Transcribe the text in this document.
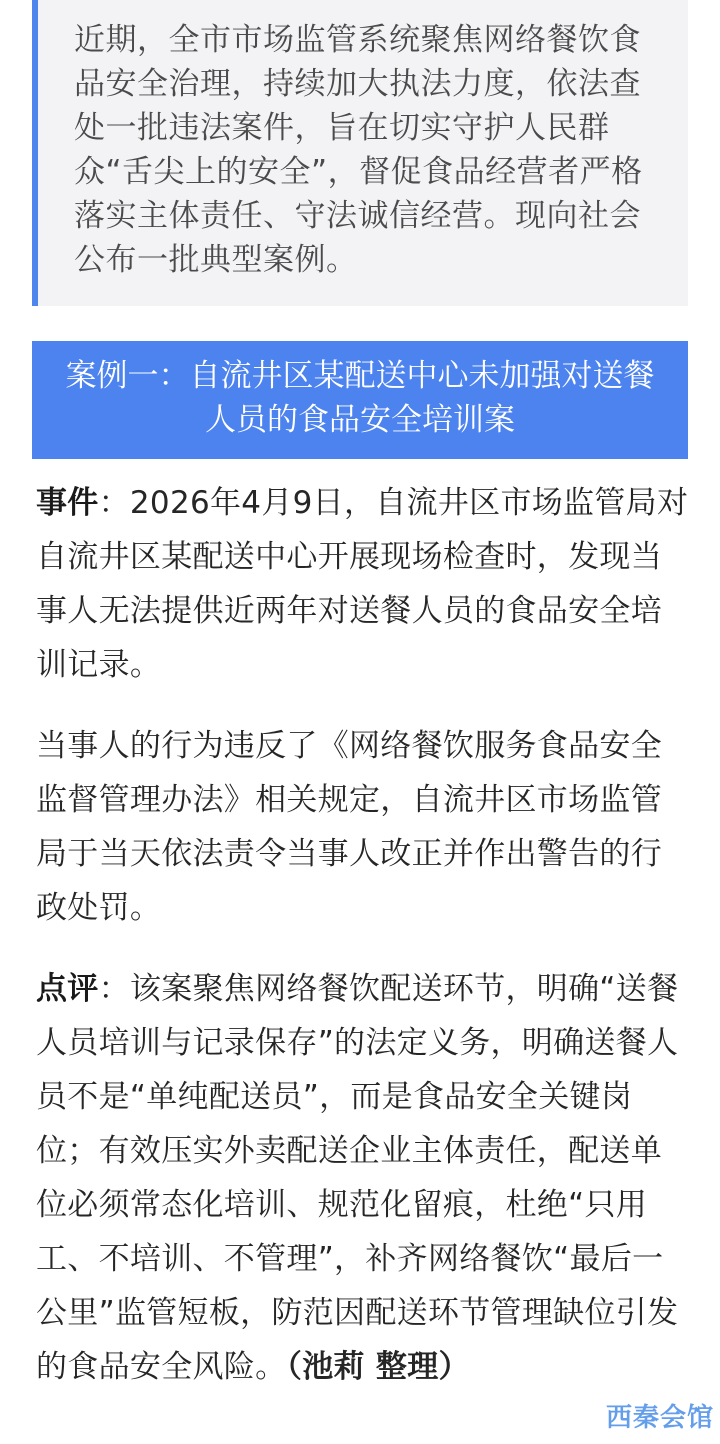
近期，全市市场监管系统聚焦网络餐饮食品安全治理，持续加大执法力度，依法查处一批违法案件，旨在切实守护人民群众“舌尖上的安全”，督促食品经营者严格落实主体责任、守法诚信经营。现向社会公布一批典型案例。

案例一：自流井区某配送中心未加强对送餐
人员的食品安全培训案

事件：2026年4月9日，自流井区市场监管局对自流井区某配送中心开展现场检查时，发现当事人无法提供近两年对送餐人员的食品安全培训记录。

当事人的行为违反了《网络餐饮服务食品安全监督管理办法》相关规定，自流井区市场监管局于当天依法责令当事人改正并作出警告的行政处罚。

点评：该案聚焦网络餐饮配送环节，明确“送餐人员培训与记录保存”的法定义务，明确送餐人员不是“单纯配送员”，而是食品安全关键岗位；有效压实外卖配送企业主体责任，配送单位必须常态化培训、规范化留痕，杜绝“只用工、不培训、不管理”，补齐网络餐饮“最后一公里”监管短板，防范因配送环节管理缺位引发的食品安全风险。（池莉 整理）

西秦会馆
